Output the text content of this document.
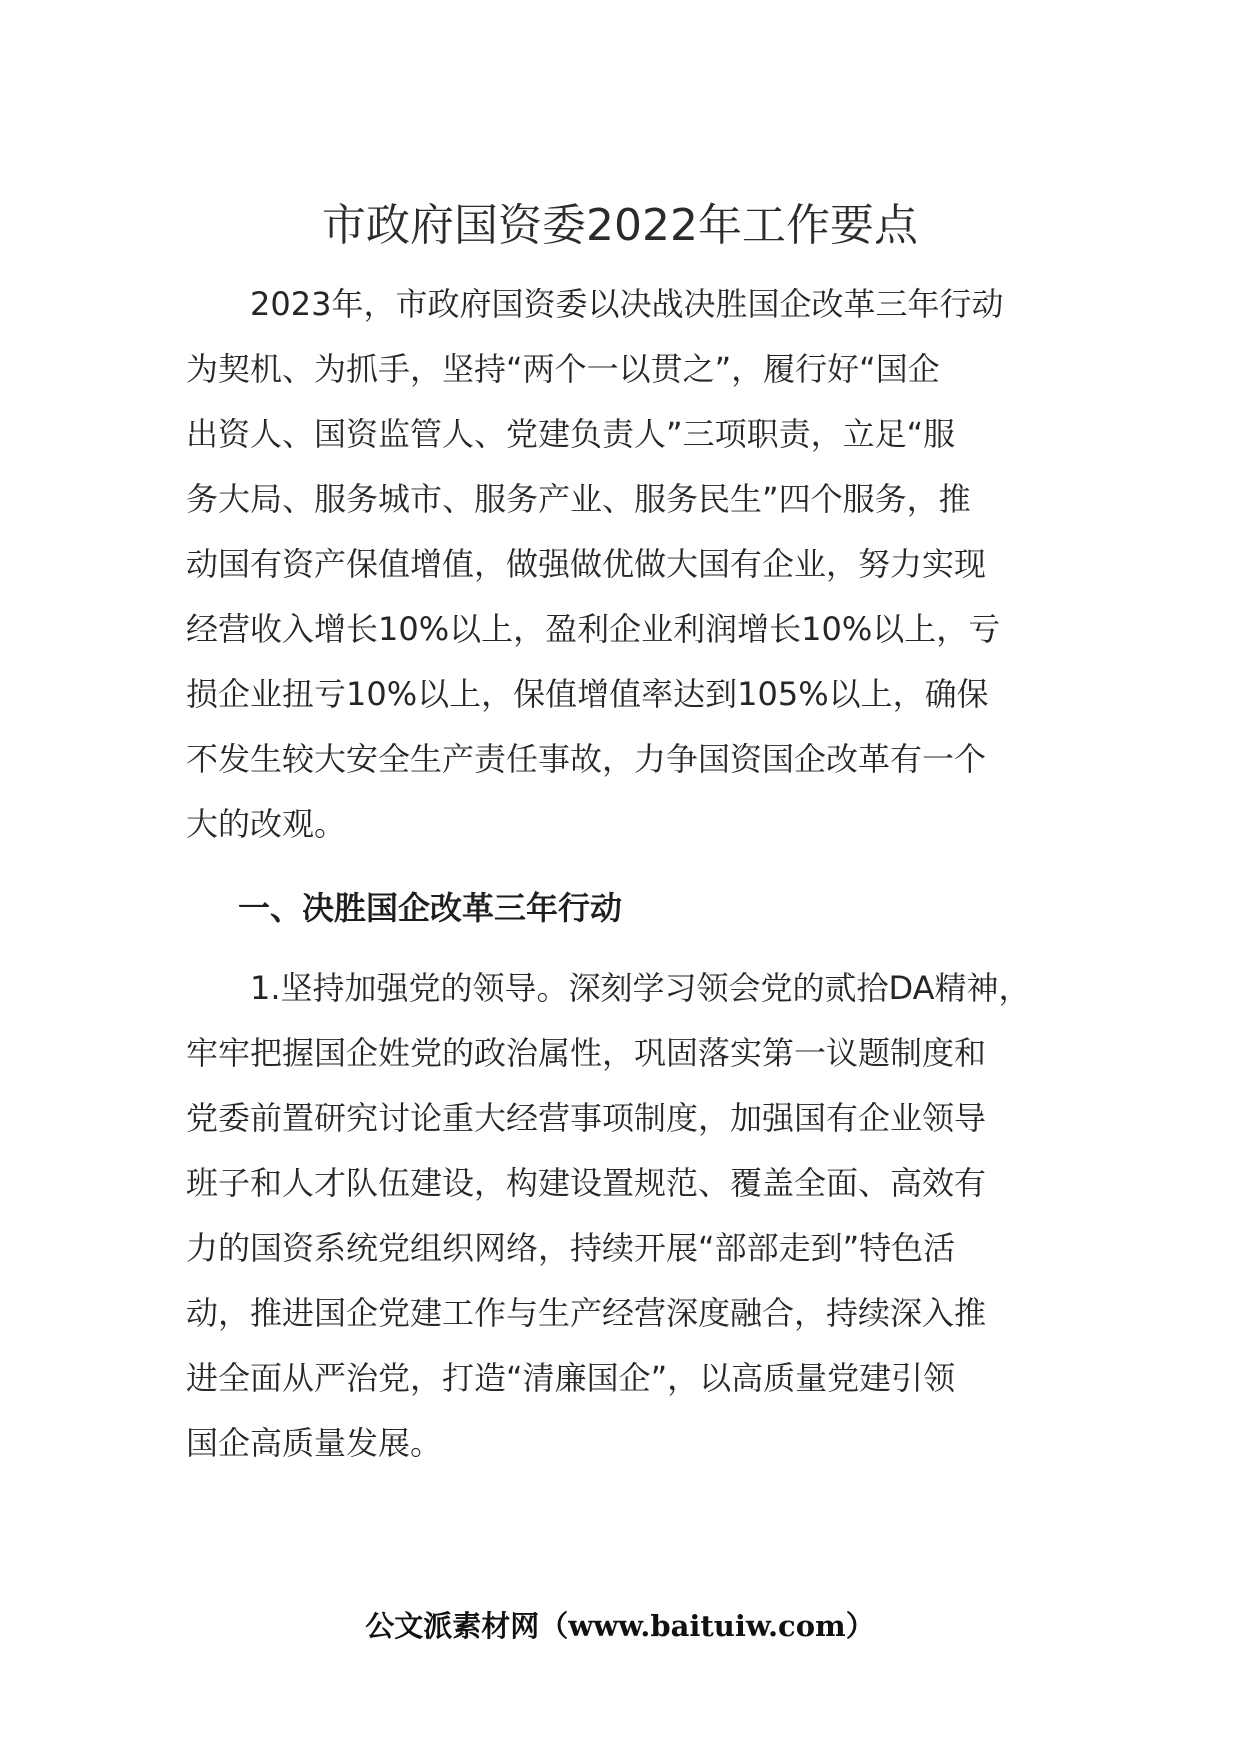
市政府国资委2022年工作要点
　　2023年，市政府国资委以决战决胜国企改革三年行动
为契机、为抓手，坚持“两个一以贯之”，履行好“国企
出资人、国资监管人、党建负责人”三项职责，立足“服
务大局、服务城市、服务产业、服务民生”四个服务，推
动国有资产保值增值，做强做优做大国有企业，努力实现
经营收入增长10%以上，盈利企业利润增长10%以上，亏
损企业扭亏10%以上，保值增值率达到105%以上，确保
不发生较大安全生产责任事故，力争国资国企改革有一个
大的改观。
一、决胜国企改革三年行动
　　1.坚持加强党的领导。深刻学习领会党的贰拾DA精神，
牢牢把握国企姓党的政治属性，巩固落实第一议题制度和
党委前置研究讨论重大经营事项制度，加强国有企业领导
班子和人才队伍建设，构建设置规范、覆盖全面、高效有
力的国资系统党组织网络，持续开展“部部走到”特色活
动，推进国企党建工作与生产经营深度融合，持续深入推
进全面从严治党，打造“清廉国企”，以高质量党建引领
国企高质量发展。
公文派素材网（www.baituiw.com）
